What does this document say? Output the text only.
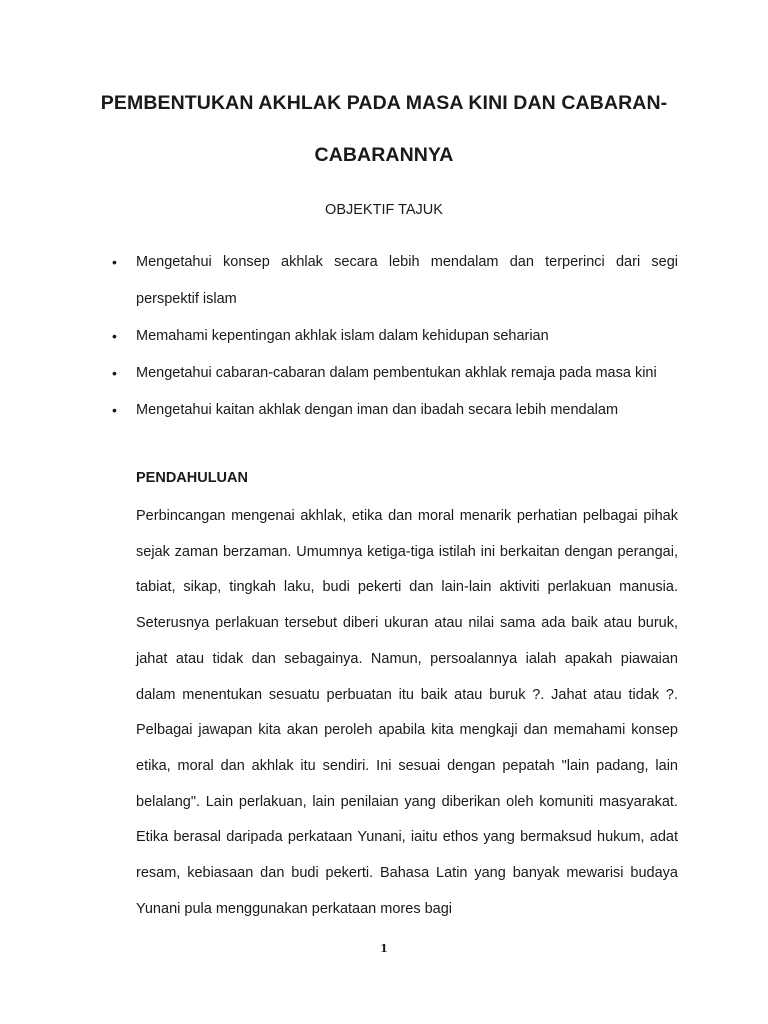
PEMBENTUKAN AKHLAK PADA MASA KINI DAN CABARAN-
CABARANNYA
OBJEKTIF TAJUK
• Mengetahui konsep akhlak secara lebih mendalam dan terperinci dari segi perspektif islam
• Memahami kepentingan akhlak islam dalam kehidupan seharian
• Mengetahui cabaran-cabaran dalam pembentukan akhlak remaja pada masa kini
• Mengetahui kaitan akhlak dengan iman dan ibadah secara lebih mendalam
PENDAHULUAN

Perbincangan mengenai akhlak, etika dan moral menarik perhatian pelbagai pihak sejak zaman berzaman. Umumnya ketiga-tiga istilah ini berkaitan dengan perangai, tabiat, sikap, tingkah laku, budi pekerti dan lain-lain aktiviti perlakuan manusia. Seterusnya perlakuan tersebut diberi ukuran atau nilai sama ada baik atau buruk, jahat atau tidak dan sebagainya. Namun, persoalannya ialah apakah piawaian dalam menentukan sesuatu perbuatan itu baik atau buruk ?. Jahat atau tidak ?. Pelbagai jawapan kita akan peroleh apabila kita mengkaji dan memahami konsep etika, moral dan akhlak itu sendiri. Ini sesuai dengan pepatah "lain padang, lain belalang". Lain perlakuan, lain penilaian yang diberikan oleh komuniti masyarakat. Etika berasal daripada perkataan Yunani, iaitu ethos yang bermaksud hukum, adat resam, kebiasaan dan budi pekerti. Bahasa Latin yang banyak mewarisi budaya Yunani pula menggunakan perkataan mores bagi

1
